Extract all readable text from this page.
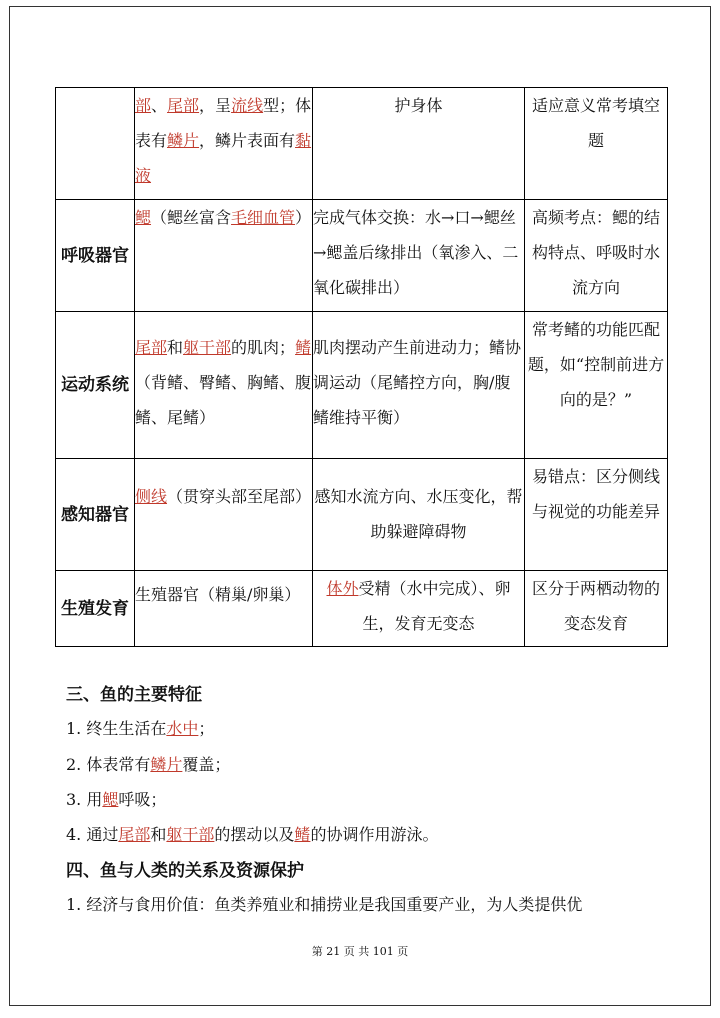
	部、尾部，呈流线型；体表有鳞片，鳞片表面有黏液	护身体	适应意义常考填空题
呼吸器官	鳃（鳃丝富含毛细血管）	完成气体交换：水→口→鳃丝→鳃盖后缘排出（氧渗入、二氧化碳排出）	高频考点：鳃的结构特点、呼吸时水流方向
运动系统	尾部和躯干部的肌肉；鳍（背鳍、臀鳍、胸鳍、腹鳍、尾鳍）	肌肉摆动产生前进动力；鳍协调运动（尾鳍控方向，胸/腹鳍维持平衡）	常考鳍的功能匹配题，如“控制前进方向的是？”
感知器官	侧线（贯穿头部至尾部）	感知水流方向、水压变化，帮助躲避障碍物	易错点：区分侧线与视觉的功能差异
生殖发育	生殖器官（精巢/卵巢）	体外受精（水中完成）、卵生，发育无变态	区分于两栖动物的变态发育
三、鱼的主要特征
1. 终生生活在水中；
2. 体表常有鳞片覆盖；
3. 用鳃呼吸；
4. 通过尾部和躯干部的摆动以及鳍的协调作用游泳。
四、鱼与人类的关系及资源保护
1. 经济与食用价值：鱼类养殖业和捕捞业是我国重要产业，为人类提供优
第 21 页 共 101 页
